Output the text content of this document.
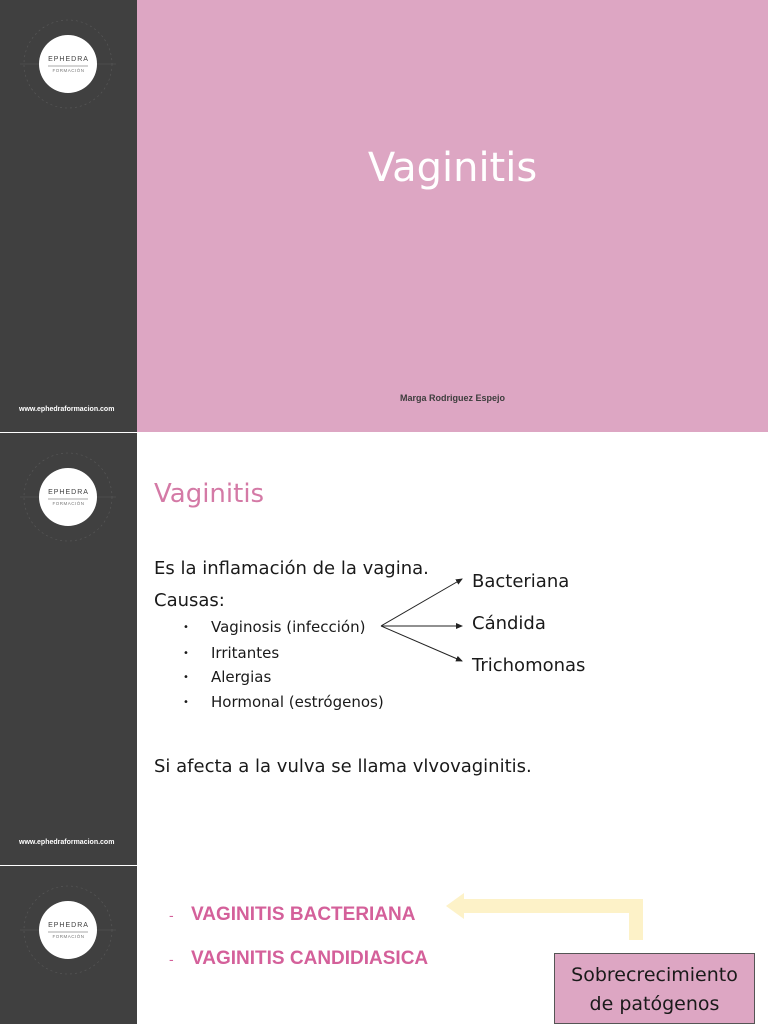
EPHEDRA
FORMACIÓN
www.ephedraformacion.com
Vaginitis
Marga Rodriguez Espejo
EPHEDRA
FORMACIÓN
www.ephedraformacion.com
Vaginitis
Es la inflamación de la vagina.
Causas:
• Vaginosis (infección)
• Irritantes
• Alergias
• Hormonal (estrógenos)
Bacteriana
Cándida
Trichomonas
Si afecta a la vulva se llama vlvovaginitis.
EPHEDRA
FORMACIÓN
- VAGINITIS BACTERIANA
- VAGINITIS CANDIDIASICA
Sobrecrecimiento
de patógenos
